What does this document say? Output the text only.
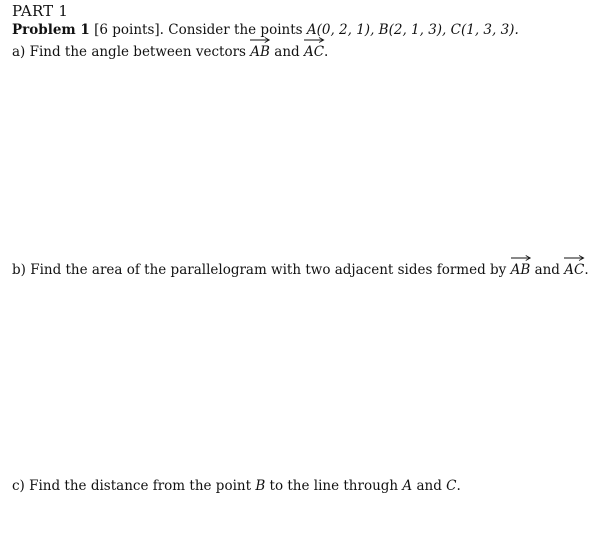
PART 1
Problem 1 [6 points]. Consider the points A(0, 2, 1), B(2, 1, 3), C(1, 3, 3).
a) Find the angle between vectors AB and AC.
b) Find the area of the parallelogram with two adjacent sides formed by AB and AC.
c) Find the distance from the point B to the line through A and C.
